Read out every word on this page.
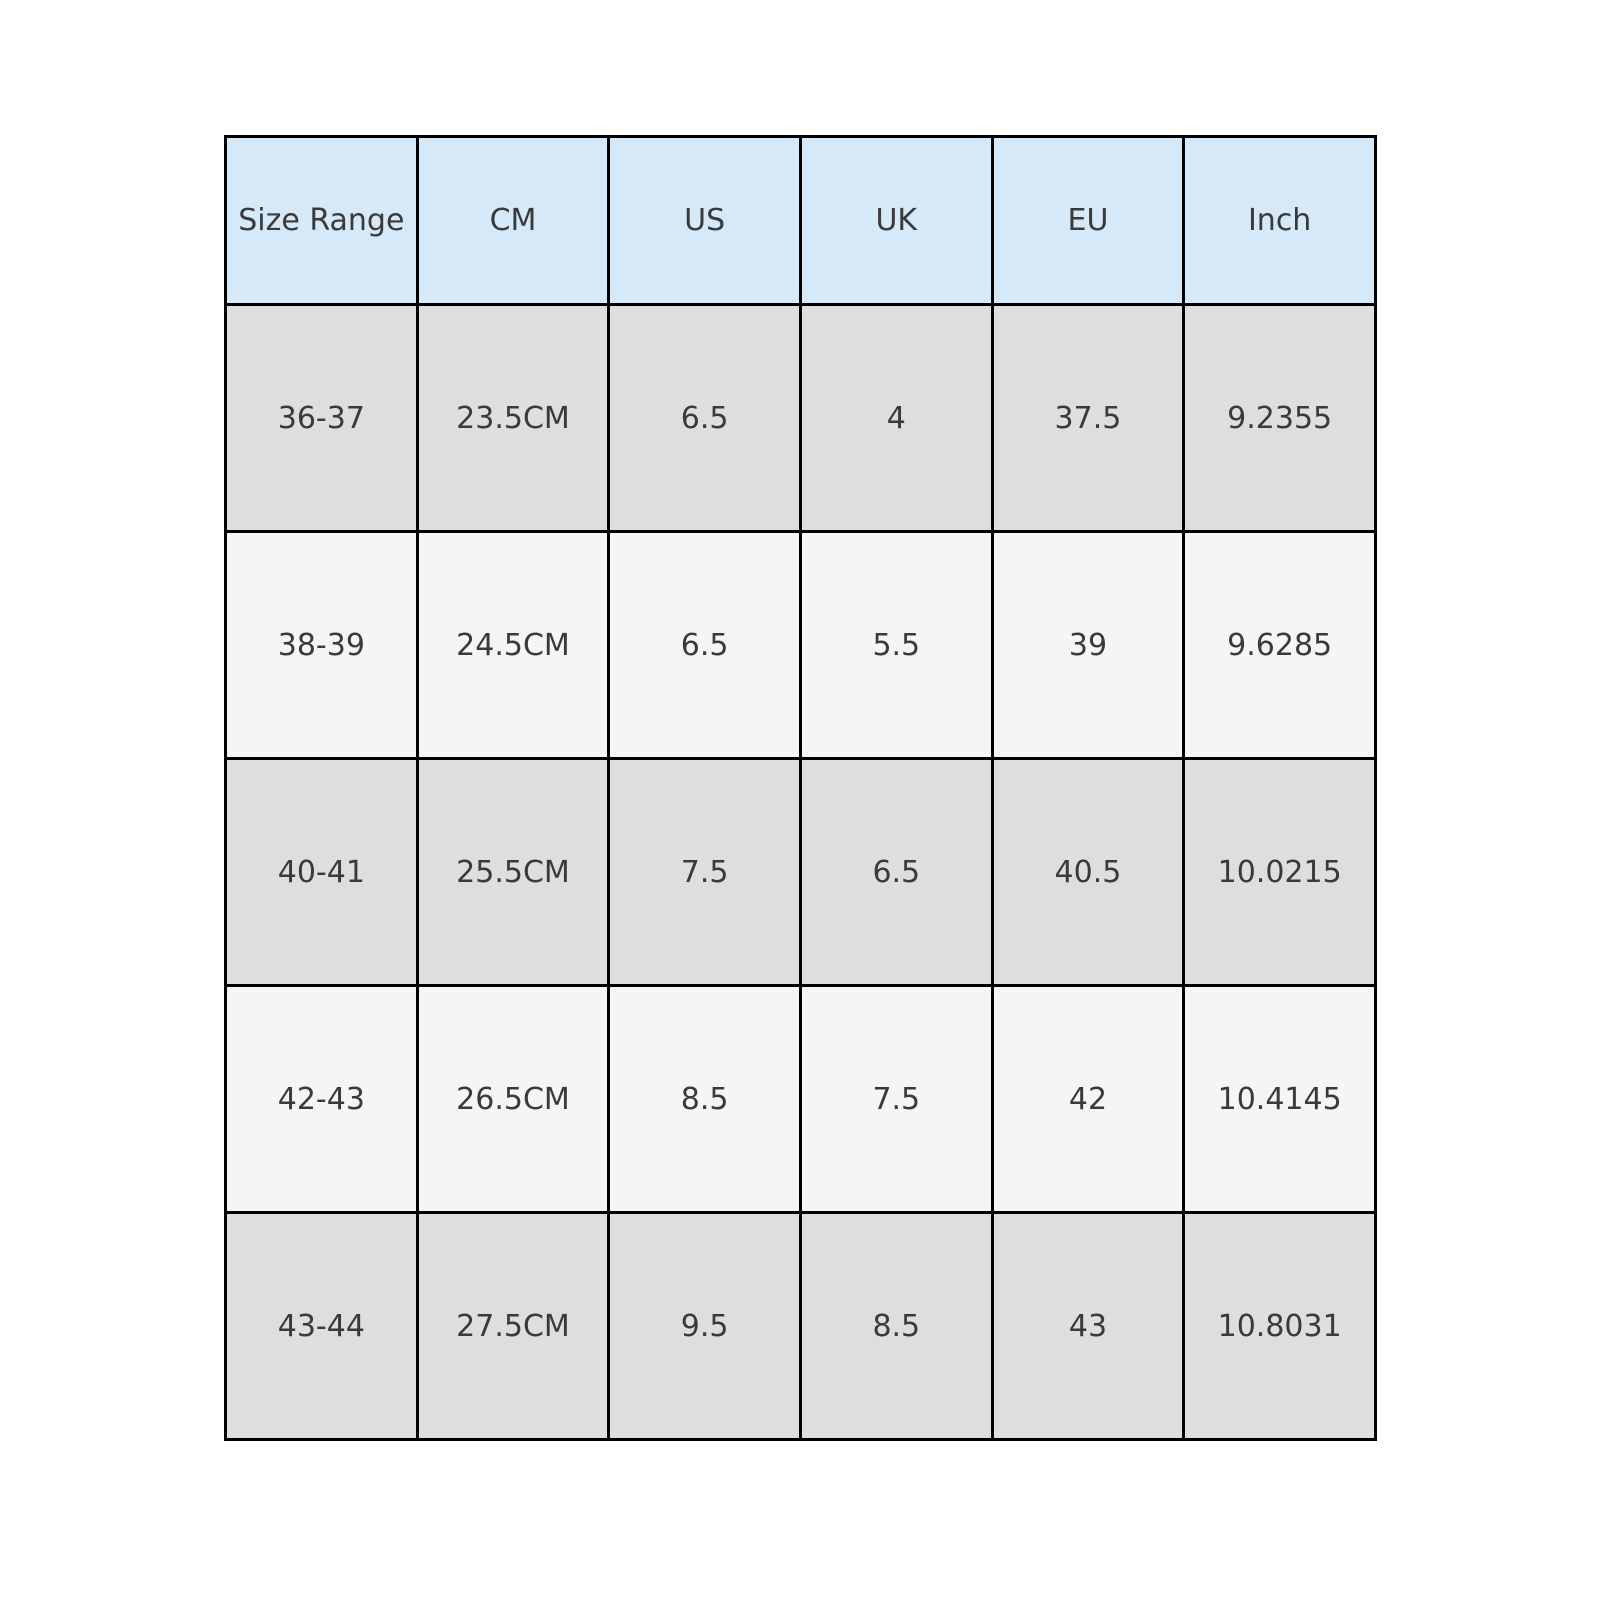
Size Range	CM	US	UK	EU	Inch
36-37	23.5CM	6.5	4	37.5	9.2355
38-39	24.5CM	6.5	5.5	39	9.6285
40-41	25.5CM	7.5	6.5	40.5	10.0215
42-43	26.5CM	8.5	7.5	42	10.4145
43-44	27.5CM	9.5	8.5	43	10.8031
